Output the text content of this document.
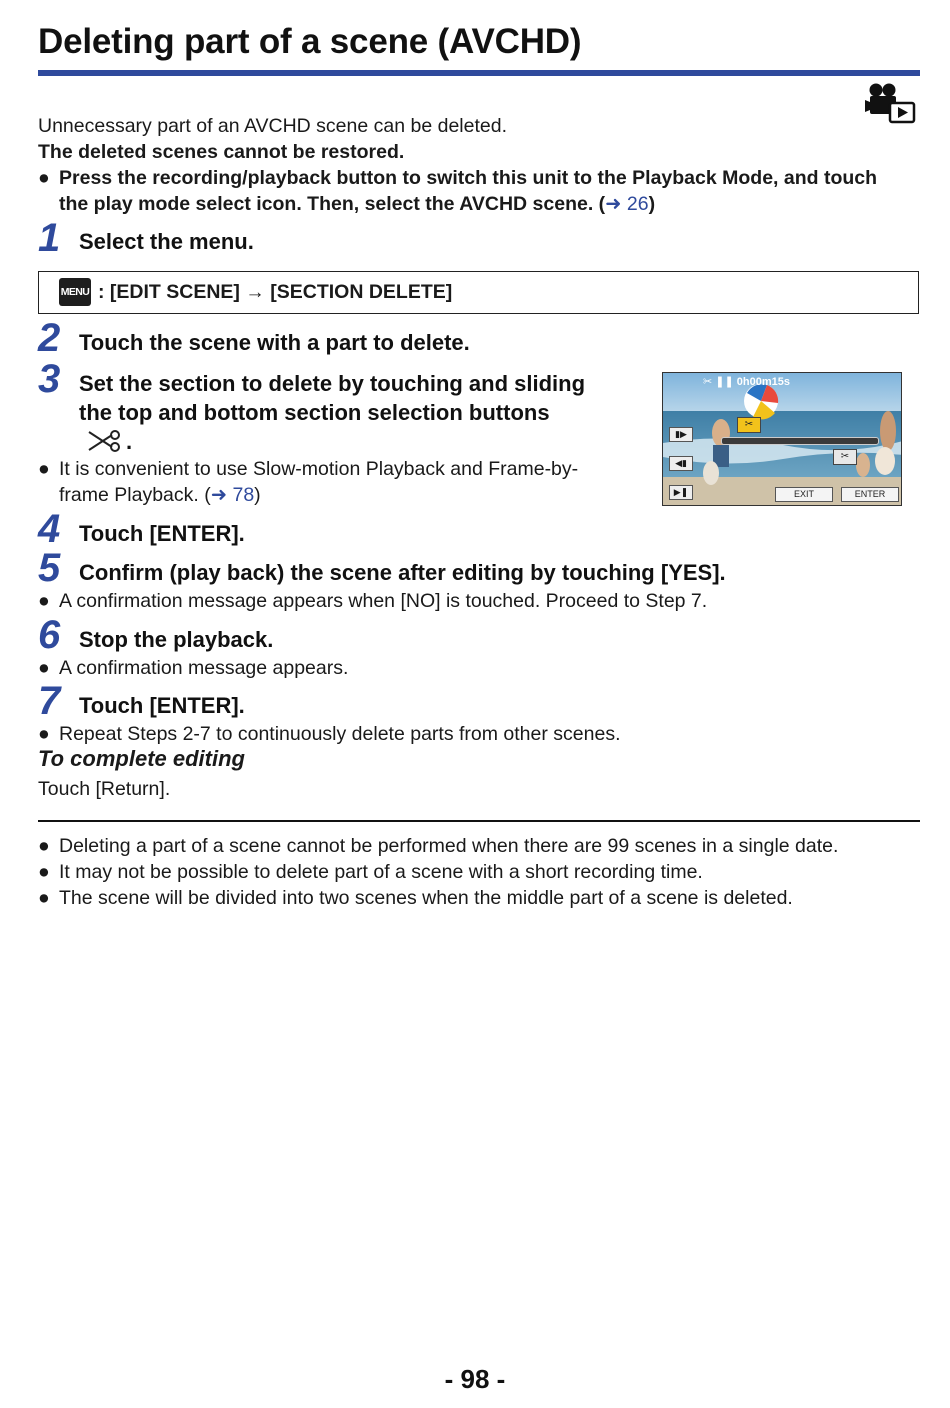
Deleting part of a scene (AVCHD)
Unnecessary part of an AVCHD scene can be deleted.
The deleted scenes cannot be restored.
● Press the recording/playback button to switch this unit to the Playback Mode, and touch
the play mode select icon. Then, select the AVCHD scene. (➜ 26)
1 Select the menu.
MENU : [EDIT SCENE] → [SECTION DELETE]
2 Touch the scene with a part to delete.
3 Set the section to delete by touching and sliding
the top and bottom section selection buttons
.
● It is convenient to use Slow-motion Playback and Frame-by-
frame Playback. (➜ 78)
✂ ❚❚ 0h00m15s
✂
✂
▮▶
◀▮
▶❚	EXIT	ENTER
4 Touch [ENTER].
5 Confirm (play back) the scene after editing by touching [YES].
● A confirmation message appears when [NO] is touched. Proceed to Step 7.
6 Stop the playback.
● A confirmation message appears.
7 Touch [ENTER].
● Repeat Steps 2-7 to continuously delete parts from other scenes.
To complete editing
Touch [Return].
● Deleting a part of a scene cannot be performed when there are 99 scenes in a single date.
● It may not be possible to delete part of a scene with a short recording time.
● The scene will be divided into two scenes when the middle part of a scene is deleted.
- 98 -
